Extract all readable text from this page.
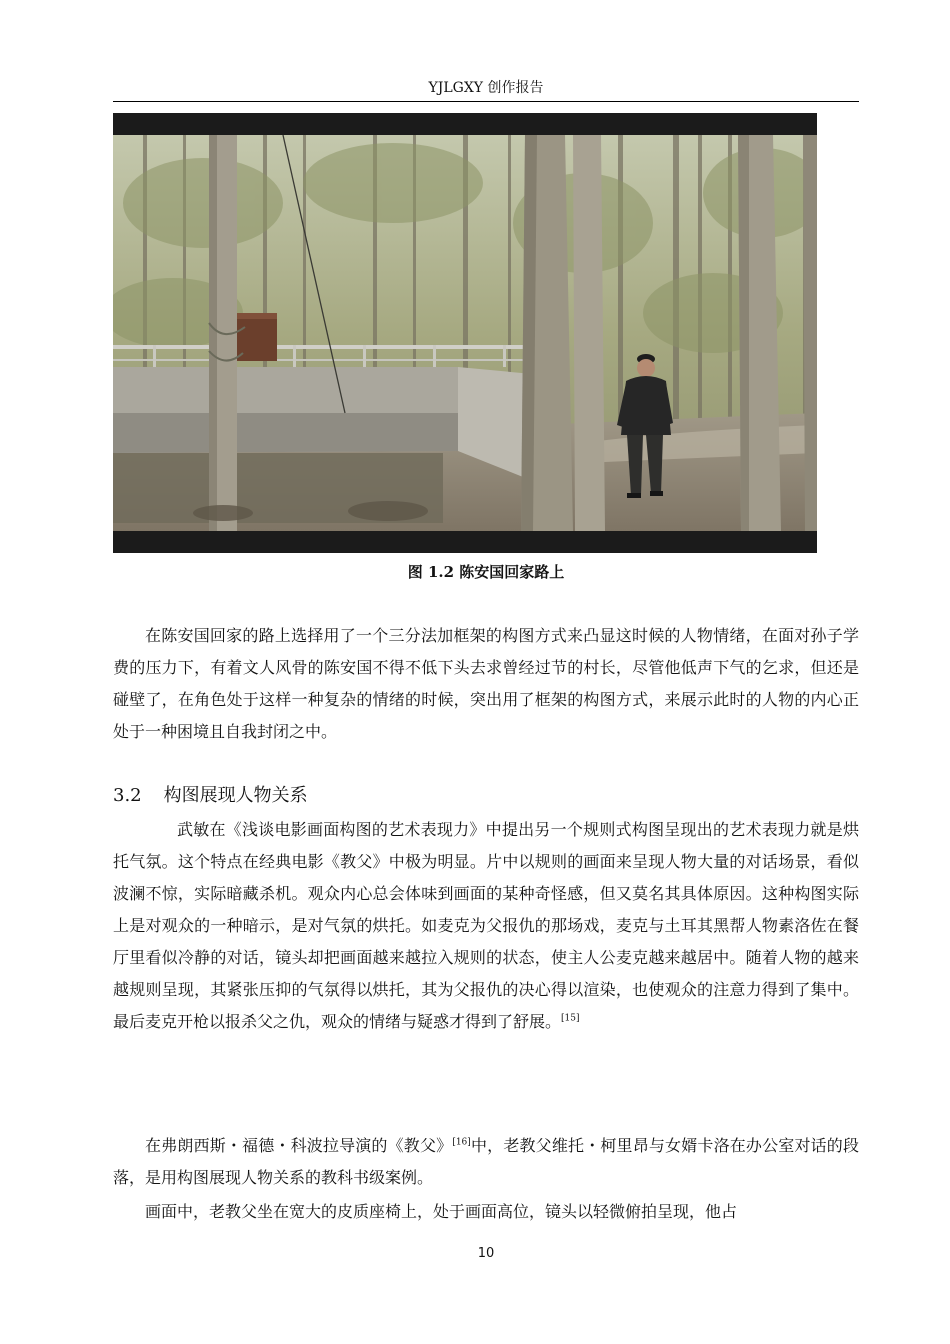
YJLGXY 创作报告
图 1.2 陈安国回家路上

在陈安国回家的路上选择用了一个三分法加框架的构图方式来凸显这时候的人物情绪，在面对孙子学费的压力下，有着文人风骨的陈安国不得不低下头去求曾经过节的村长，尽管他低声下气的乞求，但还是碰壁了，在角色处于这样一种复杂的情绪的时候，突出用了框架的构图方式，来展示此时的人物的内心正处于一种困境且自我封闭之中。

3.2 构图展现人物关系

武敏在《浅谈电影画面构图的艺术表现力》中提出另一个规则式构图呈现出的艺术表现力就是烘托气氛。这个特点在经典电影《教父》中极为明显。片中以规则的画面来呈现人物大量的对话场景，看似波澜不惊，实际暗藏杀机。观众内心总会体味到画面的某种奇怪感，但又莫名其具体原因。这种构图实际上是对观众的一种暗示，是对气氛的烘托。如麦克为父报仇的那场戏，麦克与土耳其黑帮人物素洛佐在餐厅里看似冷静的对话，镜头却把画面越来越拉入规则的状态，使主人公麦克越来越居中。随着人物的越来越规则呈现，其紧张压抑的气氛得以烘托，其为父报仇的决心得以渲染，也使观众的注意力得到了集中。最后麦克开枪以报杀父之仇，观众的情绪与疑惑才得到了舒展。[15]

在弗朗西斯・福德・科波拉导演的《教父》[16]中，老教父维托・柯里昂与女婿卡洛在办公室对话的段落，是用构图展现人物关系的教科书级案例。

画面中，老教父坐在宽大的皮质座椅上，处于画面高位，镜头以轻微俯拍呈现，他占

10
